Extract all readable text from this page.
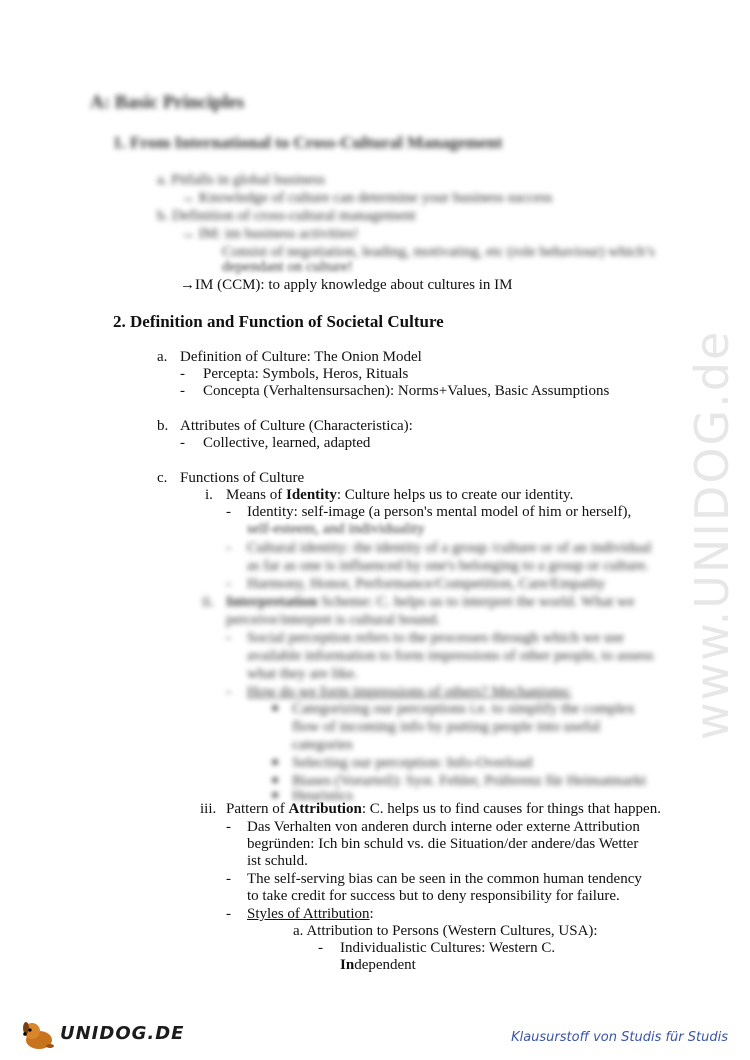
www.UNIDOG.de
A: Basic Principles
1. From International to Cross-Cultural Management
a. Pitfalls in global business
→ Knowledge of culture can determine your business success
b. Definition of cross-cultural management
→ IM: im business activities!
Consist of negotiation, leading, motivating, etc (role behaviour) which’s
dependant on culture!
→IM (CCM): to apply knowledge about cultures in IM
2. Definition and Function of Societal Culture
a. Definition of Culture: The Onion Model
- Percepta: Symbols, Heros, Rituals
- Concepta (Verhaltensursachen): Norms+Values, Basic Assumptions
b. Attributes of Culture (Characteristica):
- Collective, learned, adapted
c. Functions of Culture
i. Means of Identity: Culture helps us to create our identity.
- Identity: self-image (a person's mental model of him or herself),
self-esteem, and individuality
- Cultural identity: the identity of a group /culture or of an individual
as far as one is influenced by one's belonging to a group or culture.
- Harmony, Honor, Performance/Competition, Care/Empathy
ii. Interpretation Scheme: C. helps us to interpret the world. What we
perceive/interpret is cultural bound.
- Social perception refers to the processes through which we use
available information to form impressions of other people, to assess
what they are like.
- How do we form impressions of others? Mechanisms:
■ Categorizing our perceptions i.e. to simplify the complex
flow of incoming info by putting people into useful
categories
■ Selecting our perception: Info-Overload
■ Biases (Vorurteil): Syst. Fehler, Präferenz für Heimatmarkt
■ Heuristics
iii. Pattern of Attribution: C. helps us to find causes for things that happen.
- Das Verhalten von anderen durch interne oder externe Attribution
begründen: Ich bin schuld vs. die Situation/der andere/das Wetter
ist schuld.
- The self-serving bias can be seen in the common human tendency
to take credit for success but to deny responsibility for failure.
- Styles of Attribution:
a. Attribution to Persons (Western Cultures, USA):
- Individualistic Cultures: Western C.
Independent
UNIDOG.DE	Klausurstoff von Studis für Studis
